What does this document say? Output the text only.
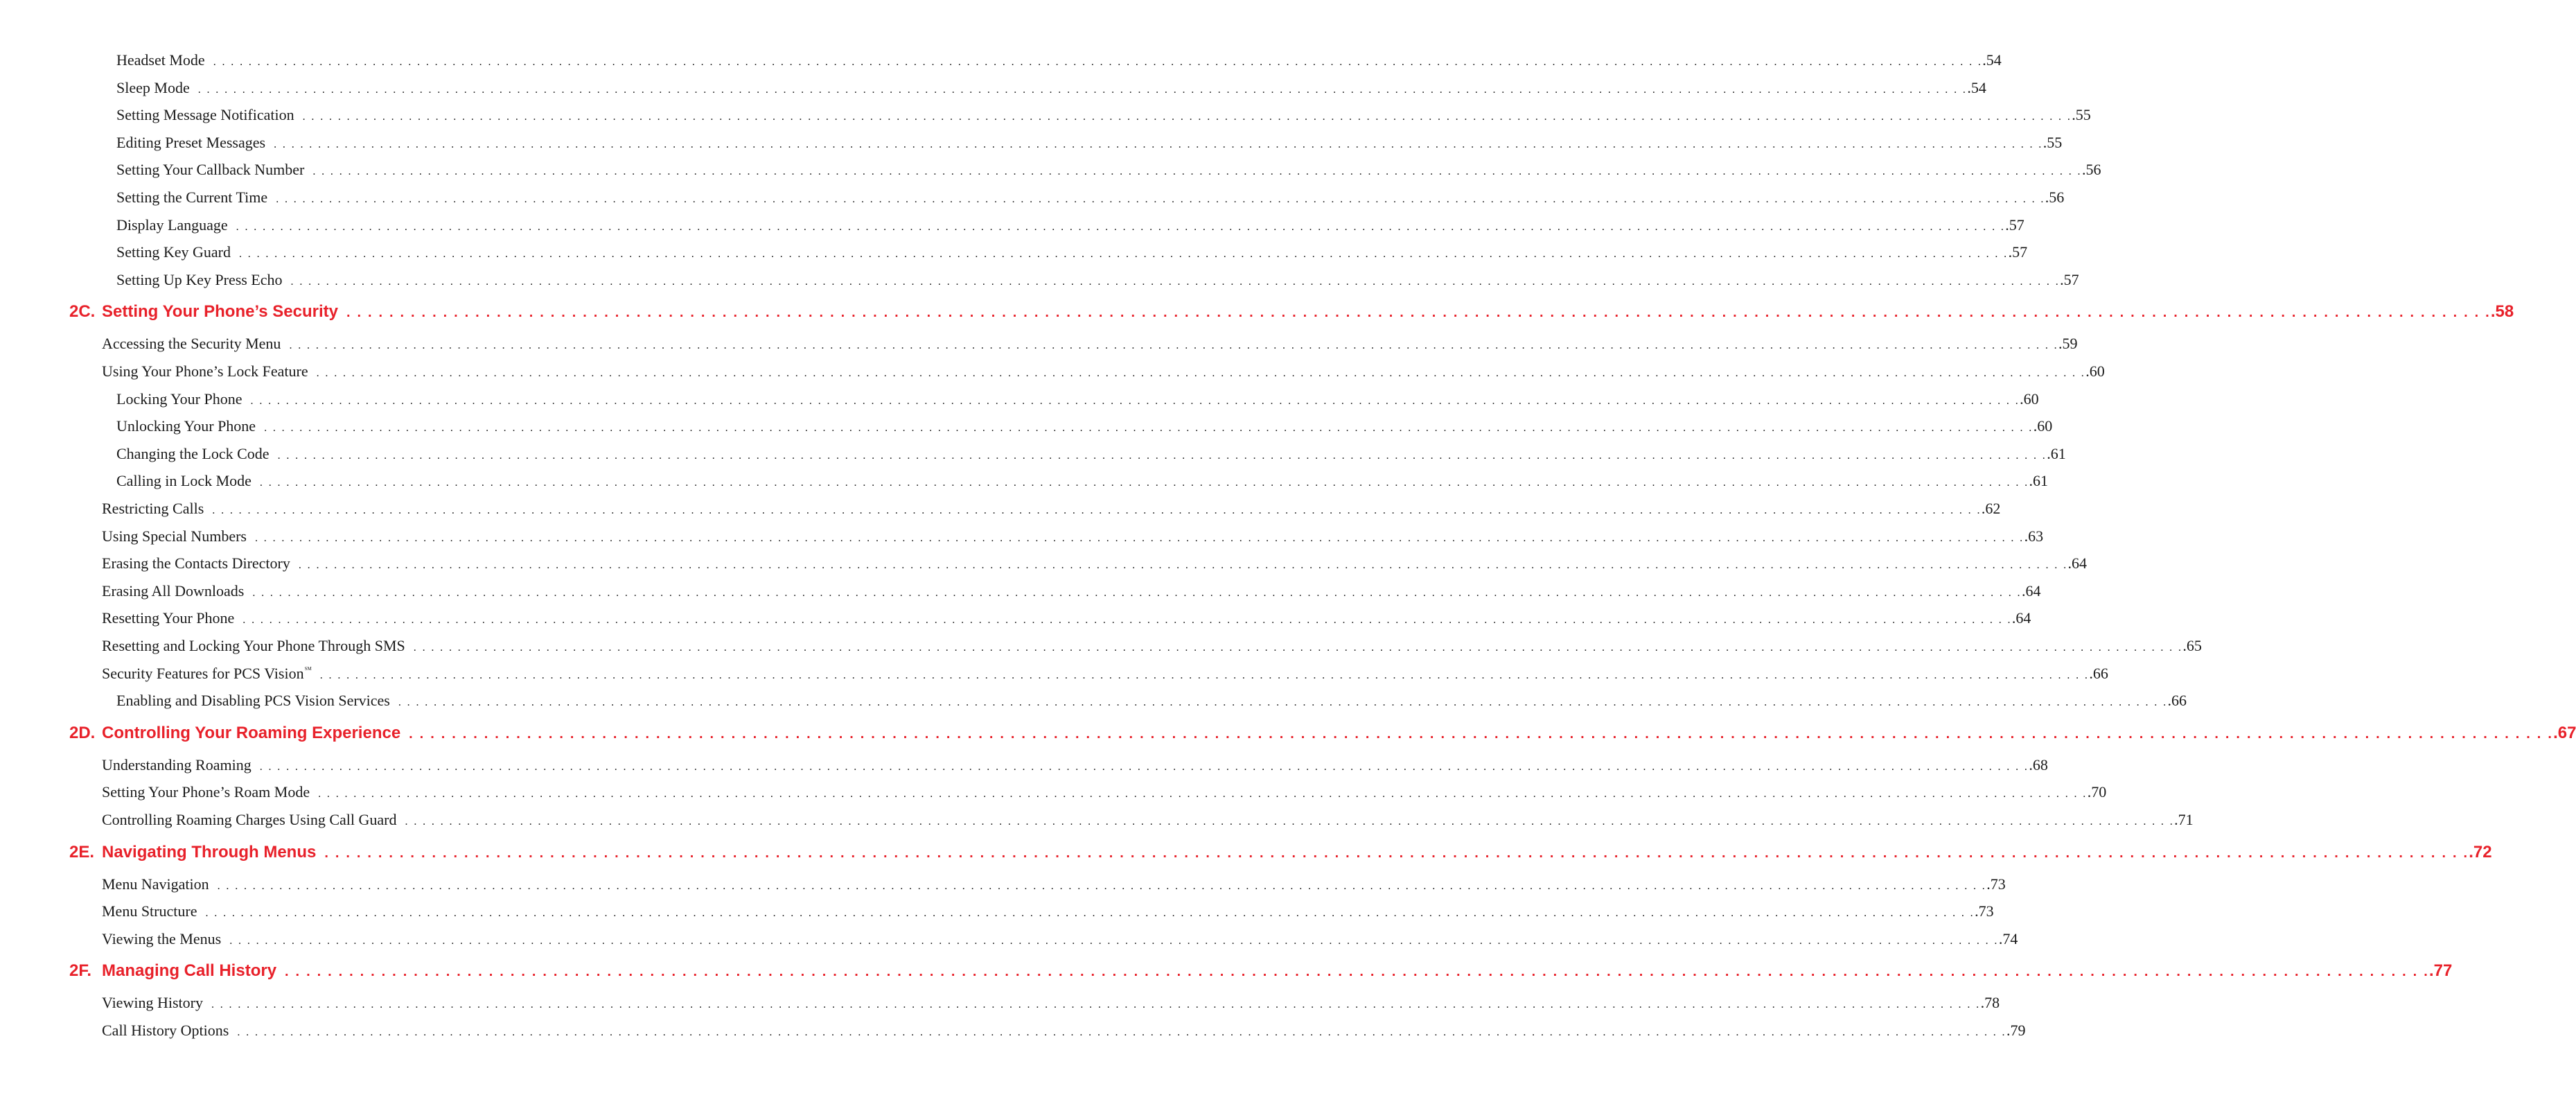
Headset Mode . . . . . . . . . . . . . . . . . . . . . . . . . . . . . . . . . . . . . . . . . . . . . . . . . . . . . . . . . . . . . . . . . . . . . . . . . . . . . . . . . . . . . . . . . . . . . . . . . . . . . . . . . . . . . . . . . . . . . . . . . . . . . . . . . . . . . . . . . . . . . . . . . . . . . . . . . . . . . . . . . . . . . . . . . . . . . . . . . . . . . . . . . . . . . . . . . . . . . . . . .54
Sleep Mode . . . . . . . . . . . . . . . . . . . . . . . . . . . . . . . . . . . . . . . . . . . . . . . . . . . . . . . . . . . . . . . . . . . . . . . . . . . . . . . . . . . . . . . . . . . . . . . . . . . . . . . . . . . . . . . . . . . . . . . . . . . . . . . . . . . . . . . . . . . . . . . . . . . . . . . . . . . . . . . . . . . . . . . . . . . . . . . . . . . . . . . . . . . . . . . . . . . . . . . . .54
Setting Message Notification . . . . . . . . . . . . . . . . . . . . . . . . . . . . . . . . . . . . . . . . . . . . . . . . . . . . . . . . . . . . . . . . . . . . . . . . . . . . . . . . . . . . . . . . . . . . . . . . . . . . . . . . . . . . . . . . . . . . . . . . . . . . . . . . . . . . . . . . . . . . . . . . . . . . . . . . . . . . . . . . . . . . . . . . . . . . . . . . . . . . . . . . . . . . . . . . . . . . . . . . .55
Editing Preset Messages . . . . . . . . . . . . . . . . . . . . . . . . . . . . . . . . . . . . . . . . . . . . . . . . . . . . . . . . . . . . . . . . . . . . . . . . . . . . . . . . . . . . . . . . . . . . . . . . . . . . . . . . . . . . . . . . . . . . . . . . . . . . . . . . . . . . . . . . . . . . . . . . . . . . . . . . . . . . . . . . . . . . . . . . . . . . . . . . . . . . . . . . . . . . . . . . . . . . . . . . .55
Setting Your Callback Number . . . . . . . . . . . . . . . . . . . . . . . . . . . . . . . . . . . . . . . . . . . . . . . . . . . . . . . . . . . . . . . . . . . . . . . . . . . . . . . . . . . . . . . . . . . . . . . . . . . . . . . . . . . . . . . . . . . . . . . . . . . . . . . . . . . . . . . . . . . . . . . . . . . . . . . . . . . . . . . . . . . . . . . . . . . . . . . . . . . . . . . . . . . . . . . . . . . . . . . . .56
Setting the Current Time . . . . . . . . . . . . . . . . . . . . . . . . . . . . . . . . . . . . . . . . . . . . . . . . . . . . . . . . . . . . . . . . . . . . . . . . . . . . . . . . . . . . . . . . . . . . . . . . . . . . . . . . . . . . . . . . . . . . . . . . . . . . . . . . . . . . . . . . . . . . . . . . . . . . . . . . . . . . . . . . . . . . . . . . . . . . . . . . . . . . . . . . . . . . . . . . . . . . . . . . .56
Display Language . . . . . . . . . . . . . . . . . . . . . . . . . . . . . . . . . . . . . . . . . . . . . . . . . . . . . . . . . . . . . . . . . . . . . . . . . . . . . . . . . . . . . . . . . . . . . . . . . . . . . . . . . . . . . . . . . . . . . . . . . . . . . . . . . . . . . . . . . . . . . . . . . . . . . . . . . . . . . . . . . . . . . . . . . . . . . . . . . . . . . . . . . . . . . . . . . . . . . . . . .57
Setting Key Guard . . . . . . . . . . . . . . . . . . . . . . . . . . . . . . . . . . . . . . . . . . . . . . . . . . . . . . . . . . . . . . . . . . . . . . . . . . . . . . . . . . . . . . . . . . . . . . . . . . . . . . . . . . . . . . . . . . . . . . . . . . . . . . . . . . . . . . . . . . . . . . . . . . . . . . . . . . . . . . . . . . . . . . . . . . . . . . . . . . . . . . . . . . . . . . . . . . . . . . . . .57
Setting Up Key Press Echo . . . . . . . . . . . . . . . . . . . . . . . . . . . . . . . . . . . . . . . . . . . . . . . . . . . . . . . . . . . . . . . . . . . . . . . . . . . . . . . . . . . . . . . . . . . . . . . . . . . . . . . . . . . . . . . . . . . . . . . . . . . . . . . . . . . . . . . . . . . . . . . . . . . . . . . . . . . . . . . . . . . . . . . . . . . . . . . . . . . . . . . . . . . . . . . . . . . . . . . . .57
2C. Setting Your Phone’s Security . . . . . . . . . . . . . . . . . . . . . . . . . . . . . . . . . . . . . . . . . . . . . . . . . . . . . . . . . . . . . . . . . . . . . . . . . . . . . . . . . . . . . . . . . . . . . . . . . . . . . . . . . . . . . . . . . . . . . . . . . . . . . . . . . . . . . . . . . . . . . . . . . . . . . . . . . . . . . . . . . . . . . . . . . . . . . . . . . . . . . . . . . . . . . . . . . . . . . . . . .58
Accessing the Security Menu . . . . . . . . . . . . . . . . . . . . . . . . . . . . . . . . . . . . . . . . . . . . . . . . . . . . . . . . . . . . . . . . . . . . . . . . . . . . . . . . . . . . . . . . . . . . . . . . . . . . . . . . . . . . . . . . . . . . . . . . . . . . . . . . . . . . . . . . . . . . . . . . . . . . . . . . . . . . . . . . . . . . . . . . . . . . . . . . . . . . . . . . . . . . . . . . . . . . . . . . .59
Using Your Phone’s Lock Feature . . . . . . . . . . . . . . . . . . . . . . . . . . . . . . . . . . . . . . . . . . . . . . . . . . . . . . . . . . . . . . . . . . . . . . . . . . . . . . . . . . . . . . . . . . . . . . . . . . . . . . . . . . . . . . . . . . . . . . . . . . . . . . . . . . . . . . . . . . . . . . . . . . . . . . . . . . . . . . . . . . . . . . . . . . . . . . . . . . . . . . . . . . . . . . . . . . . . . . . . .60
Locking Your Phone . . . . . . . . . . . . . . . . . . . . . . . . . . . . . . . . . . . . . . . . . . . . . . . . . . . . . . . . . . . . . . . . . . . . . . . . . . . . . . . . . . . . . . . . . . . . . . . . . . . . . . . . . . . . . . . . . . . . . . . . . . . . . . . . . . . . . . . . . . . . . . . . . . . . . . . . . . . . . . . . . . . . . . . . . . . . . . . . . . . . . . . . . . . . . . . . . . . . . . . . .60
Unlocking Your Phone . . . . . . . . . . . . . . . . . . . . . . . . . . . . . . . . . . . . . . . . . . . . . . . . . . . . . . . . . . . . . . . . . . . . . . . . . . . . . . . . . . . . . . . . . . . . . . . . . . . . . . . . . . . . . . . . . . . . . . . . . . . . . . . . . . . . . . . . . . . . . . . . . . . . . . . . . . . . . . . . . . . . . . . . . . . . . . . . . . . . . . . . . . . . . . . . . . . . . . . . .60
Changing the Lock Code . . . . . . . . . . . . . . . . . . . . . . . . . . . . . . . . . . . . . . . . . . . . . . . . . . . . . . . . . . . . . . . . . . . . . . . . . . . . . . . . . . . . . . . . . . . . . . . . . . . . . . . . . . . . . . . . . . . . . . . . . . . . . . . . . . . . . . . . . . . . . . . . . . . . . . . . . . . . . . . . . . . . . . . . . . . . . . . . . . . . . . . . . . . . . . . . . . . . . . . . .61
Calling in Lock Mode . . . . . . . . . . . . . . . . . . . . . . . . . . . . . . . . . . . . . . . . . . . . . . . . . . . . . . . . . . . . . . . . . . . . . . . . . . . . . . . . . . . . . . . . . . . . . . . . . . . . . . . . . . . . . . . . . . . . . . . . . . . . . . . . . . . . . . . . . . . . . . . . . . . . . . . . . . . . . . . . . . . . . . . . . . . . . . . . . . . . . . . . . . . . . . . . . . . . . . . . .61
Restricting Calls . . . . . . . . . . . . . . . . . . . . . . . . . . . . . . . . . . . . . . . . . . . . . . . . . . . . . . . . . . . . . . . . . . . . . . . . . . . . . . . . . . . . . . . . . . . . . . . . . . . . . . . . . . . . . . . . . . . . . . . . . . . . . . . . . . . . . . . . . . . . . . . . . . . . . . . . . . . . . . . . . . . . . . . . . . . . . . . . . . . . . . . . . . . . . . . . . . . . . . . . .62
Using Special Numbers . . . . . . . . . . . . . . . . . . . . . . . . . . . . . . . . . . . . . . . . . . . . . . . . . . . . . . . . . . . . . . . . . . . . . . . . . . . . . . . . . . . . . . . . . . . . . . . . . . . . . . . . . . . . . . . . . . . . . . . . . . . . . . . . . . . . . . . . . . . . . . . . . . . . . . . . . . . . . . . . . . . . . . . . . . . . . . . . . . . . . . . . . . . . . . . . . . . . . . . . .63
Erasing the Contacts Directory . . . . . . . . . . . . . . . . . . . . . . . . . . . . . . . . . . . . . . . . . . . . . . . . . . . . . . . . . . . . . . . . . . . . . . . . . . . . . . . . . . . . . . . . . . . . . . . . . . . . . . . . . . . . . . . . . . . . . . . . . . . . . . . . . . . . . . . . . . . . . . . . . . . . . . . . . . . . . . . . . . . . . . . . . . . . . . . . . . . . . . . . . . . . . . . . . . . . . . . . .64
Erasing All Downloads . . . . . . . . . . . . . . . . . . . . . . . . . . . . . . . . . . . . . . . . . . . . . . . . . . . . . . . . . . . . . . . . . . . . . . . . . . . . . . . . . . . . . . . . . . . . . . . . . . . . . . . . . . . . . . . . . . . . . . . . . . . . . . . . . . . . . . . . . . . . . . . . . . . . . . . . . . . . . . . . . . . . . . . . . . . . . . . . . . . . . . . . . . . . . . . . . . . . . . . . .64
Resetting Your Phone . . . . . . . . . . . . . . . . . . . . . . . . . . . . . . . . . . . . . . . . . . . . . . . . . . . . . . . . . . . . . . . . . . . . . . . . . . . . . . . . . . . . . . . . . . . . . . . . . . . . . . . . . . . . . . . . . . . . . . . . . . . . . . . . . . . . . . . . . . . . . . . . . . . . . . . . . . . . . . . . . . . . . . . . . . . . . . . . . . . . . . . . . . . . . . . . . . . . . . . . .64
Resetting and Locking Your Phone Through SMS . . . . . . . . . . . . . . . . . . . . . . . . . . . . . . . . . . . . . . . . . . . . . . . . . . . . . . . . . . . . . . . . . . . . . . . . . . . . . . . . . . . . . . . . . . . . . . . . . . . . . . . . . . . . . . . . . . . . . . . . . . . . . . . . . . . . . . . . . . . . . . . . . . . . . . . . . . . . . . . . . . . . . . . . . . . . . . . . . . . . . . . . . . . . . . . . . . . . . . . . .65
Security Features for PCS Vision℠
. . . . . . . . . . . . . . . . . . . . . . . . . . . . . . . . . . . . . . . . . . . . . . . . . . . . . . . . . . . . . . . . . . . . . . . . . . . . . . . . . . . . . . . . . . . . . . . . . . . . . . . . . . . . . . . . . . . . . . . . . . . . . . . . . . . . . . . . . . . . . . . . . . . . . . . . . . . . . . . . . . . . . . . . . . . . . . . . . . . . . . . . . . . . . . . . . . . . . . . . .66
Enabling and Disabling PCS Vision Services . . . . . . . . . . . . . . . . . . . . . . . . . . . . . . . . . . . . . . . . . . . . . . . . . . . . . . . . . . . . . . . . . . . . . . . . . . . . . . . . . . . . . . . . . . . . . . . . . . . . . . . . . . . . . . . . . . . . . . . . . . . . . . . . . . . . . . . . . . . . . . . . . . . . . . . . . . . . . . . . . . . . . . . . . . . . . . . . . . . . . . . . . . . . . . . . . . . . . . . . .66
2D. Controlling Your Roaming Experience . . . . . . . . . . . . . . . . . . . . . . . . . . . . . . . . . . . . . . . . . . . . . . . . . . . . . . . . . . . . . . . . . . . . . . . . . . . . . . . . . . . . . . . . . . . . . . . . . . . . . . . . . . . . . . . . . . . . . . . . . . . . . . . . . . . . . . . . . . . . . . . . . . . . . . . . . . . . . . . . . . . . . . . . . . . . . . . . . . . . . . . . . . . . . . . . . . . . . . . . .67
Understanding Roaming . . . . . . . . . . . . . . . . . . . . . . . . . . . . . . . . . . . . . . . . . . . . . . . . . . . . . . . . . . . . . . . . . . . . . . . . . . . . . . . . . . . . . . . . . . . . . . . . . . . . . . . . . . . . . . . . . . . . . . . . . . . . . . . . . . . . . . . . . . . . . . . . . . . . . . . . . . . . . . . . . . . . . . . . . . . . . . . . . . . . . . . . . . . . . . . . . . . . . . . . .68
Setting Your Phone’s Roam Mode . . . . . . . . . . . . . . . . . . . . . . . . . . . . . . . . . . . . . . . . . . . . . . . . . . . . . . . . . . . . . . . . . . . . . . . . . . . . . . . . . . . . . . . . . . . . . . . . . . . . . . . . . . . . . . . . . . . . . . . . . . . . . . . . . . . . . . . . . . . . . . . . . . . . . . . . . . . . . . . . . . . . . . . . . . . . . . . . . . . . . . . . . . . . . . . . . . . . . . . . .70
Controlling Roaming Charges Using Call Guard . . . . . . . . . . . . . . . . . . . . . . . . . . . . . . . . . . . . . . . . . . . . . . . . . . . . . . . . . . . . . . . . . . . . . . . . . . . . . . . . . . . . . . . . . . . . . . . . . . . . . . . . . . . . . . . . . . . . . . . . . . . . . . . . . . . . . . . . . . . . . . . . . . . . . . . . . . . . . . . . . . . . . . . . . . . . . . . . . . . . . . . . . . . . . . . . . . . . . . . . .71
2E. Navigating Through Menus . . . . . . . . . . . . . . . . . . . . . . . . . . . . . . . . . . . . . . . . . . . . . . . . . . . . . . . . . . . . . . . . . . . . . . . . . . . . . . . . . . . . . . . . . . . . . . . . . . . . . . . . . . . . . . . . . . . . . . . . . . . . . . . . . . . . . . . . . . . . . . . . . . . . . . . . . . . . . . . . . . . . . . . . . . . . . . . . . . . . . . . . . . . . . . . . . . . . . . . . .72
Menu Navigation . . . . . . . . . . . . . . . . . . . . . . . . . . . . . . . . . . . . . . . . . . . . . . . . . . . . . . . . . . . . . . . . . . . . . . . . . . . . . . . . . . . . . . . . . . . . . . . . . . . . . . . . . . . . . . . . . . . . . . . . . . . . . . . . . . . . . . . . . . . . . . . . . . . . . . . . . . . . . . . . . . . . . . . . . . . . . . . . . . . . . . . . . . . . . . . . . . . . . . . . .73
Menu Structure . . . . . . . . . . . . . . . . . . . . . . . . . . . . . . . . . . . . . . . . . . . . . . . . . . . . . . . . . . . . . . . . . . . . . . . . . . . . . . . . . . . . . . . . . . . . . . . . . . . . . . . . . . . . . . . . . . . . . . . . . . . . . . . . . . . . . . . . . . . . . . . . . . . . . . . . . . . . . . . . . . . . . . . . . . . . . . . . . . . . . . . . . . . . . . . . . . . . . . . . .73
Viewing the Menus . . . . . . . . . . . . . . . . . . . . . . . . . . . . . . . . . . . . . . . . . . . . . . . . . . . . . . . . . . . . . . . . . . . . . . . . . . . . . . . . . . . . . . . . . . . . . . . . . . . . . . . . . . . . . . . . . . . . . . . . . . . . . . . . . . . . . . . . . . . . . . . . . . . . . . . . . . . . . . . . . . . . . . . . . . . . . . . . . . . . . . . . . . . . . . . . . . . . . . . . .74
2F. Managing Call History . . . . . . . . . . . . . . . . . . . . . . . . . . . . . . . . . . . . . . . . . . . . . . . . . . . . . . . . . . . . . . . . . . . . . . . . . . . . . . . . . . . . . . . . . . . . . . . . . . . . . . . . . . . . . . . . . . . . . . . . . . . . . . . . . . . . . . . . . . . . . . . . . . . . . . . . . . . . . . . . . . . . . . . . . . . . . . . . . . . . . . . . . . . . . . . . . . . . . . . . .77
Viewing History . . . . . . . . . . . . . . . . . . . . . . . . . . . . . . . . . . . . . . . . . . . . . . . . . . . . . . . . . . . . . . . . . . . . . . . . . . . . . . . . . . . . . . . . . . . . . . . . . . . . . . . . . . . . . . . . . . . . . . . . . . . . . . . . . . . . . . . . . . . . . . . . . . . . . . . . . . . . . . . . . . . . . . . . . . . . . . . . . . . . . . . . . . . . . . . . . . . . . . . . .78
Call History Options . . . . . . . . . . . . . . . . . . . . . . . . . . . . . . . . . . . . . . . . . . . . . . . . . . . . . . . . . . . . . . . . . . . . . . . . . . . . . . . . . . . . . . . . . . . . . . . . . . . . . . . . . . . . . . . . . . . . . . . . . . . . . . . . . . . . . . . . . . . . . . . . . . . . . . . . . . . . . . . . . . . . . . . . . . . . . . . . . . . . . . . . . . . . . . . . . . . . . . . . .79
